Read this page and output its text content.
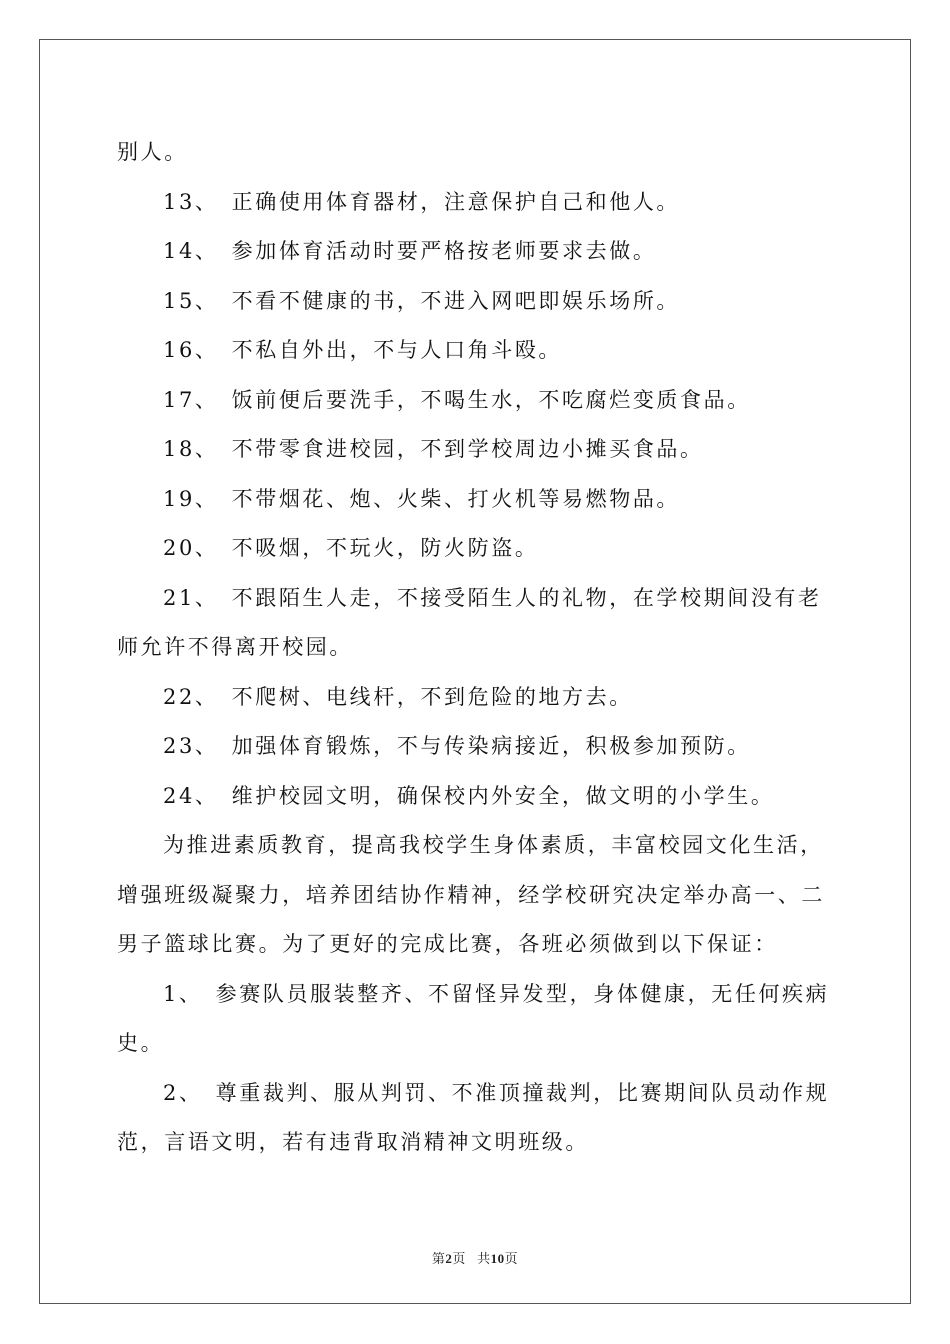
别人。

13、　正确使用体育器材，注意保护自己和他人。

14、　参加体育活动时要严格按老师要求去做。

15、　不看不健康的书，不进入网吧即娱乐场所。

16、　不私自外出，不与人口角斗殴。

17、　饭前便后要洗手，不喝生水，不吃腐烂变质食品。

18、　不带零食进校园，不到学校周边小摊买食品。

19、　不带烟花、炮、火柴、打火机等易燃物品。

20、　不吸烟，不玩火，防火防盗。

21、　不跟陌生人走，不接受陌生人的礼物，在学校期间没有老师允许不得离开校园。

22、　不爬树、电线杆，不到危险的地方去。

23、　加强体育锻炼，不与传染病接近，积极参加预防。

24、　维护校园文明，确保校内外安全，做文明的小学生。

为推进素质教育，提高我校学生身体素质，丰富校园文化生活，增强班级凝聚力，培养团结协作精神，经学校研究决定举办高一、二男子篮球比赛。为了更好的完成比赛，各班必须做到以下保证：

1、　参赛队员服装整齐、不留怪异发型，身体健康，无任何疾病史。

2、　尊重裁判、服从判罚、不准顶撞裁判，比赛期间队员动作规范，言语文明，若有违背取消精神文明班级。

第2页 共10页
